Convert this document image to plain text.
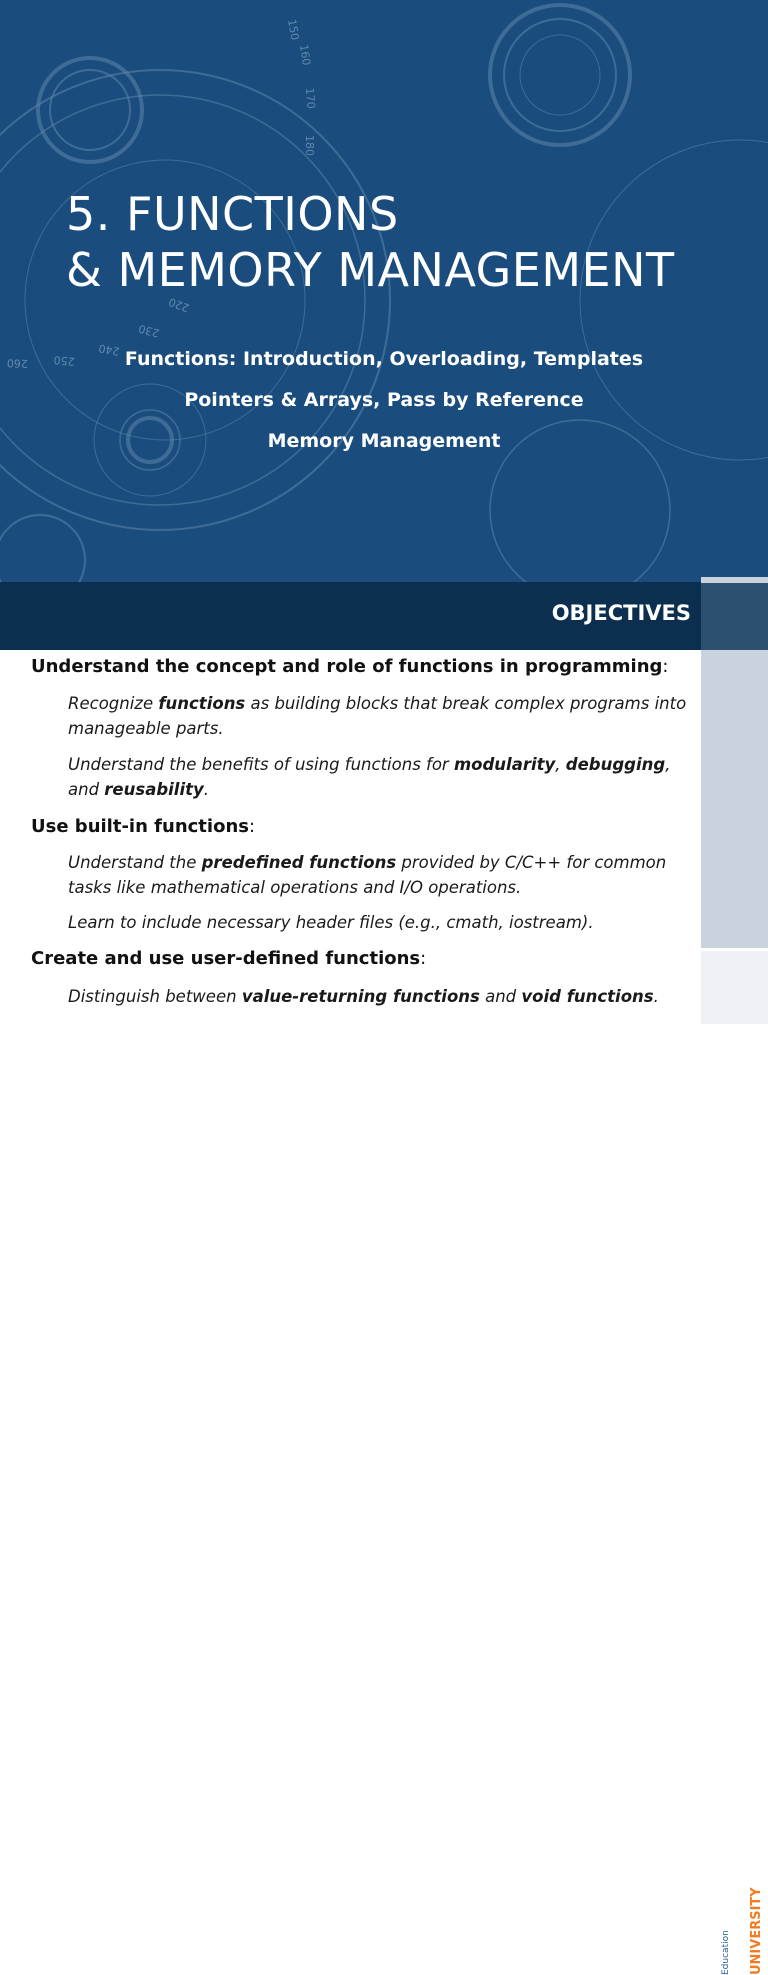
150
160
170
180
220
230
240
250
260
5. FUNCTIONS
& MEMORY MANAGEMENT
Functions: Introduction, Overloading, Templates
Pointers & Arrays, Pass by Reference
Memory Management
OBJECTIVES
PRF193
Education UNIVERSITY
Understand the concept and role of functions in programming:
Recognize functions as building blocks that break complex programs into manageable parts.
Understand the benefits of using functions for modularity, debugging, and reusability.
Use built-in functions:
Understand the predefined functions provided by C/C++ for common tasks like mathematical operations and I/O operations.
Learn to include necessary header files (e.g., cmath, iostream).
Create and use user-defined functions:
Distinguish between value-returning functions and void functions.
